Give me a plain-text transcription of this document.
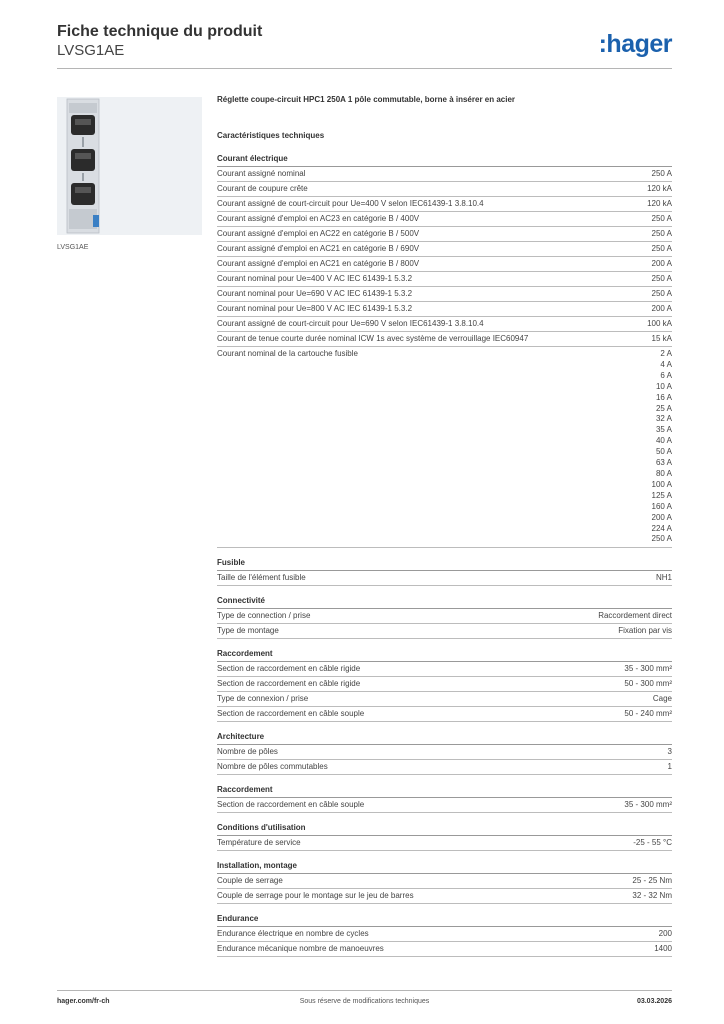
Fiche technique du produit
LVSG1AE	:hager
LVSG1AE
Réglette coupe-circuit HPC1 250A 1 pôle commutable, borne à insérer en acier
Caractéristiques techniques
Courant électrique
Courant assigné nominal	250 A
Courant de coupure crête	120 kA
Courant assigné de court-circuit pour Ue=400 V selon IEC61439-1 3.8.10.4	120 kA
Courant assigné d'emploi en AC23 en catégorie B / 400V	250 A
Courant assigné d'emploi en AC22 en catégorie B / 500V	250 A
Courant assigné d'emploi en AC21 en catégorie B / 690V	250 A
Courant assigné d'emploi en AC21 en catégorie B / 800V	200 A
Courant nominal pour Ue=400 V AC IEC 61439-1 5.3.2	250 A
Courant nominal pour Ue=690 V AC IEC 61439-1 5.3.2	250 A
Courant nominal pour Ue=800 V AC IEC 61439-1 5.3.2	200 A
Courant assigné de court-circuit pour Ue=690 V selon IEC61439-1 3.8.10.4	100 kA
Courant de tenue courte durée nominal ICW 1s avec système de verrouillage IEC60947	15 kA
Courant nominal de la cartouche fusible	2 A
4 A
6 A
10 A
16 A
25 A
32 A
35 A
40 A
50 A
63 A
80 A
100 A
125 A
160 A
200 A
224 A
250 A
Fusible
Taille de l'élément fusible	NH1
Connectivité
Type de connection / prise	Raccordement direct
Type de montage	Fixation par vis
Raccordement
Section de raccordement en câble rigide	35 - 300 mm²
Section de raccordement en câble rigide	50 - 300 mm²
Type de connexion / prise	Cage
Section de raccordement en câble souple	50 - 240 mm²
Architecture
Nombre de pôles	3
Nombre de pôles commutables	1
Raccordement
Section de raccordement en câble souple	35 - 300 mm²
Conditions d'utilisation
Température de service	-25 - 55 °C
Installation, montage
Couple de serrage	25 - 25 Nm
Couple de serrage pour le montage sur le jeu de barres	32 - 32 Nm
Endurance
Endurance électrique en nombre de cycles	200
Endurance mécanique nombre de manoeuvres	1400
hager.com/fr-ch	Sous réserve de modifications techniques	03.03.2026
